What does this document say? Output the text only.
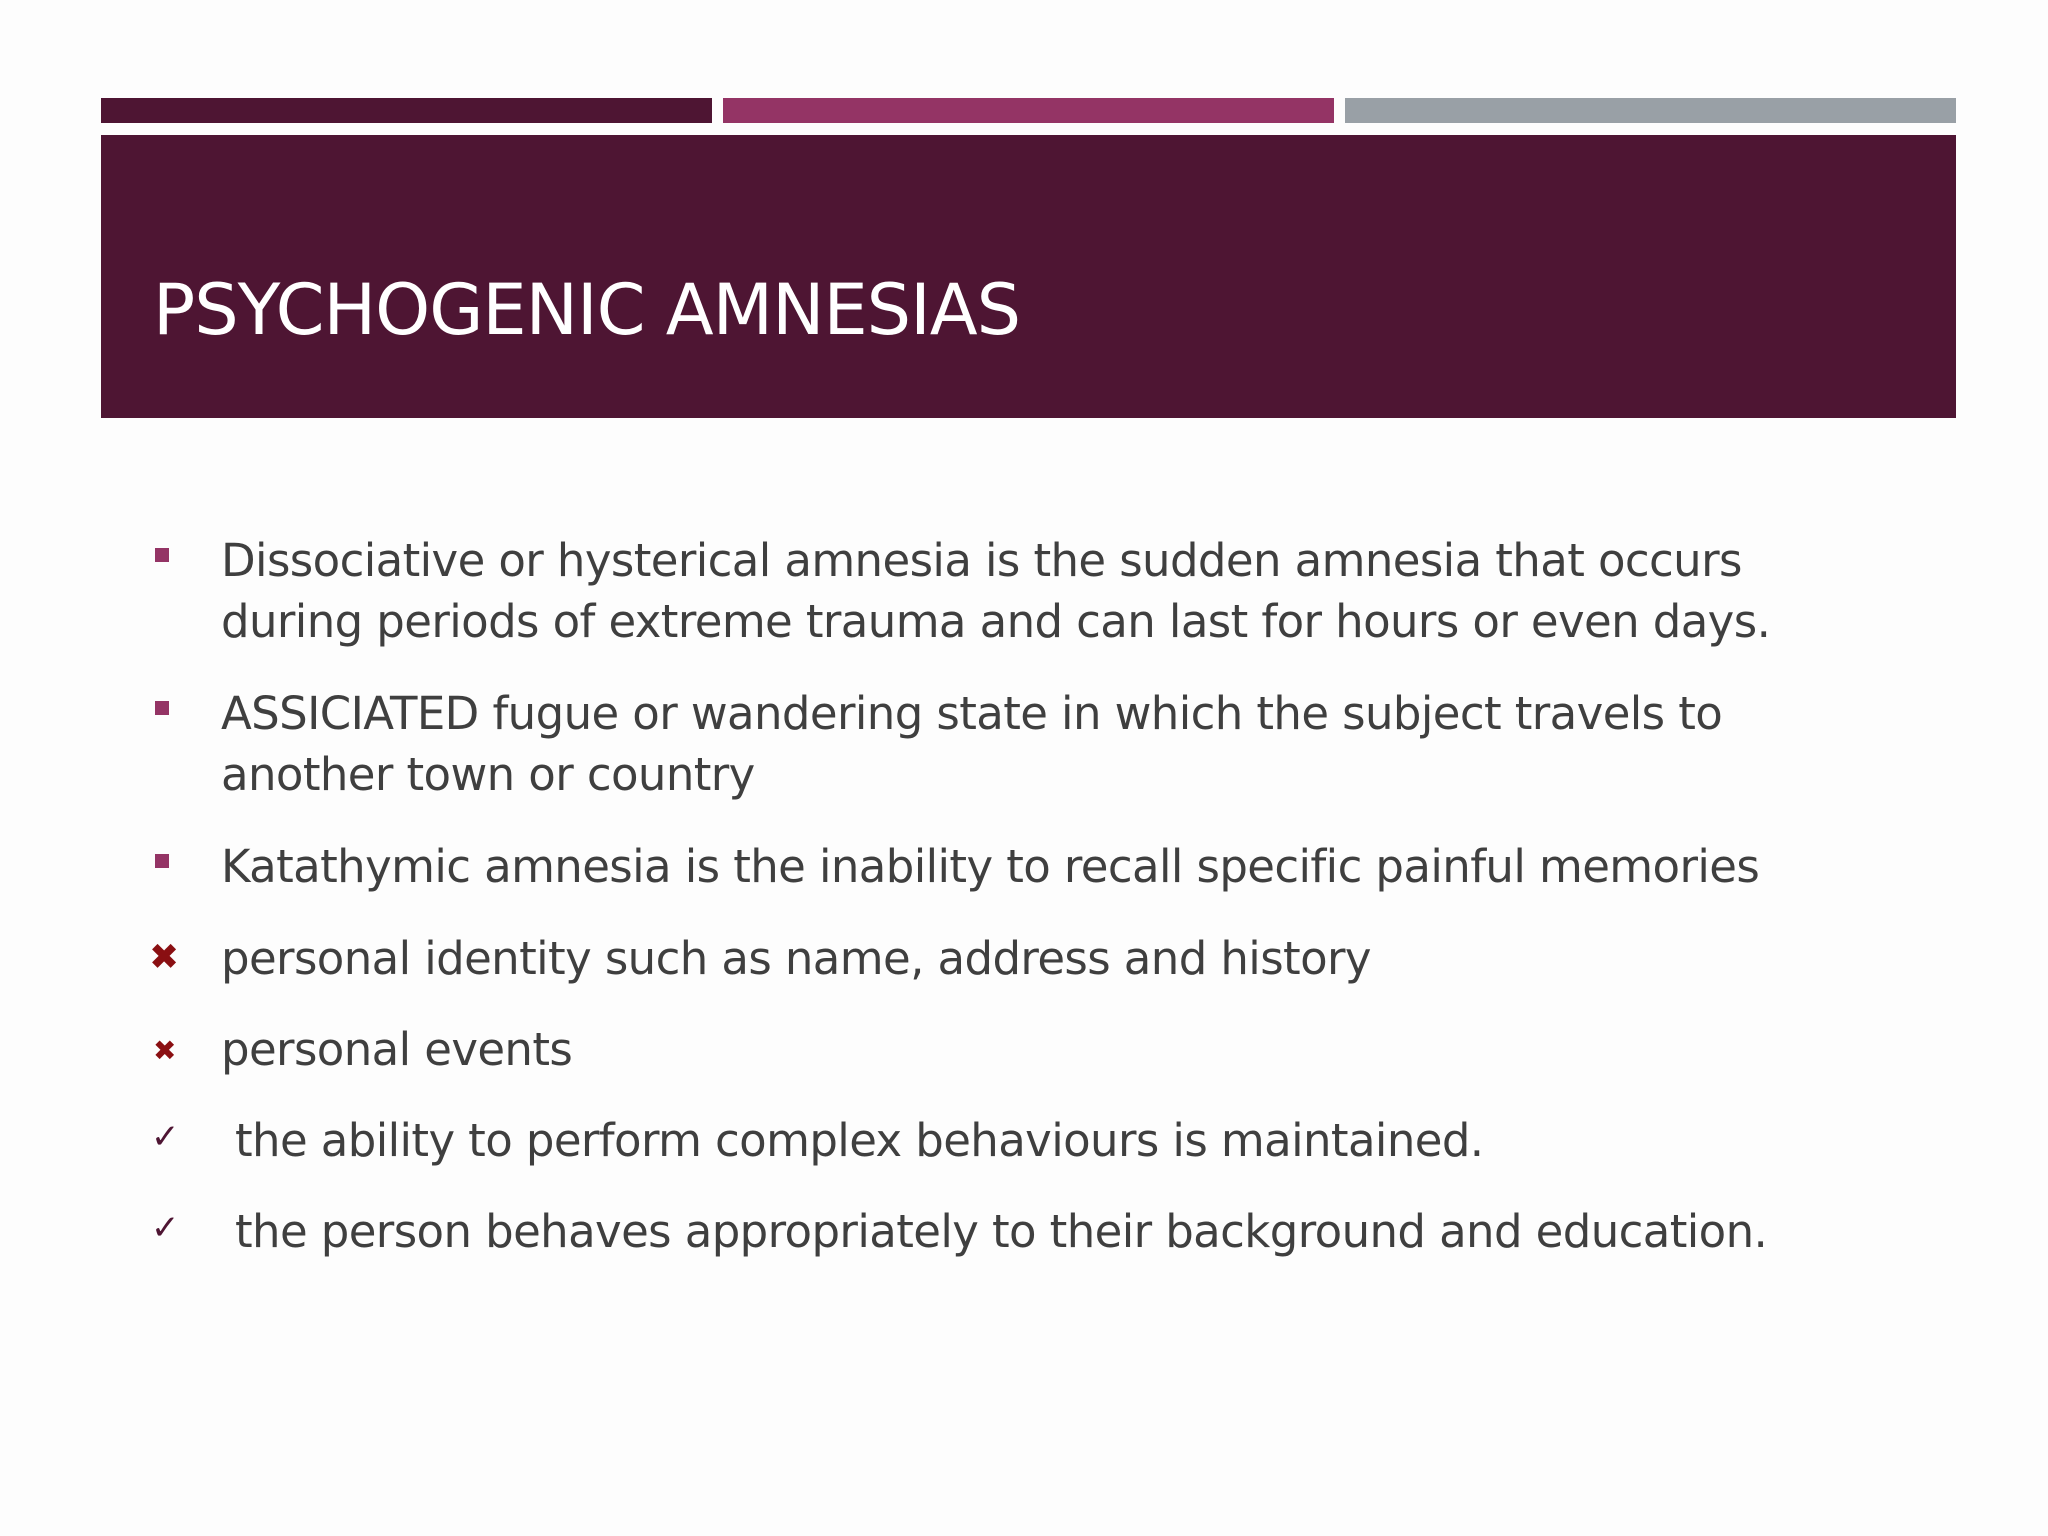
PSYCHOGENIC AMNESIAS

Dissociative or hysterical amnesia is the sudden amnesia that occurs during periods of extreme trauma and can last for hours or even days.

ASSICIATED fugue or wandering state in which the subject travels to another town or country

Katathymic amnesia is the inability to recall specific painful memories

✖ personal identity such as name, address and history

✖ personal events

✓ the ability to perform complex behaviours is maintained.

✓ the person behaves appropriately to their background and education.
